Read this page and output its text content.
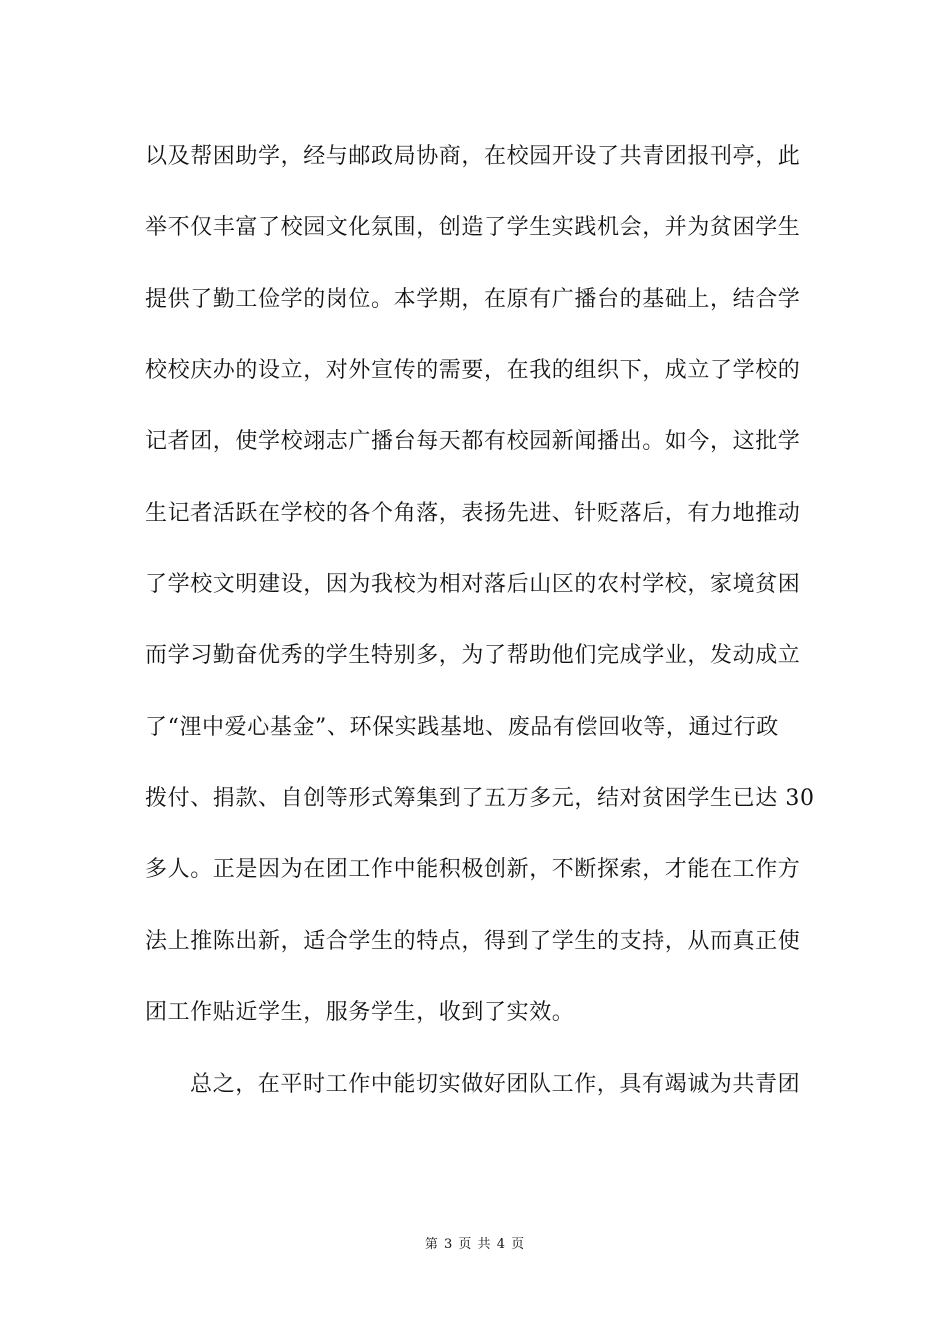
以及帮困助学，经与邮政局协商，在校园开设了共青团报刊亭，此
举不仅丰富了校园文化氛围，创造了学生实践机会，并为贫困学生
提供了勤工俭学的岗位。本学期，在原有广播台的基础上，结合学
校校庆办的设立，对外宣传的需要，在我的组织下，成立了学校的
记者团，使学校翊志广播台每天都有校园新闻播出。如今，这批学
生记者活跃在学校的各个角落，表扬先进、针贬落后，有力地推动
了学校文明建设，因为我校为相对落后山区的农村学校，家境贫困
而学习勤奋优秀的学生特别多，为了帮助他们完成学业，发动成立
了“浬中爱心基金”、环保实践基地、废品有偿回收等，通过行政
拨付、捐款、自创等形式筹集到了五万多元，结对贫困学生已达 30
多人。正是因为在团工作中能积极创新，不断探索，才能在工作方
法上推陈出新，适合学生的特点，得到了学生的支持，从而真正使
团工作贴近学生，服务学生，收到了实效。
总之，在平时工作中能切实做好团队工作，具有竭诚为共青团
第 3 页 共 4 页
